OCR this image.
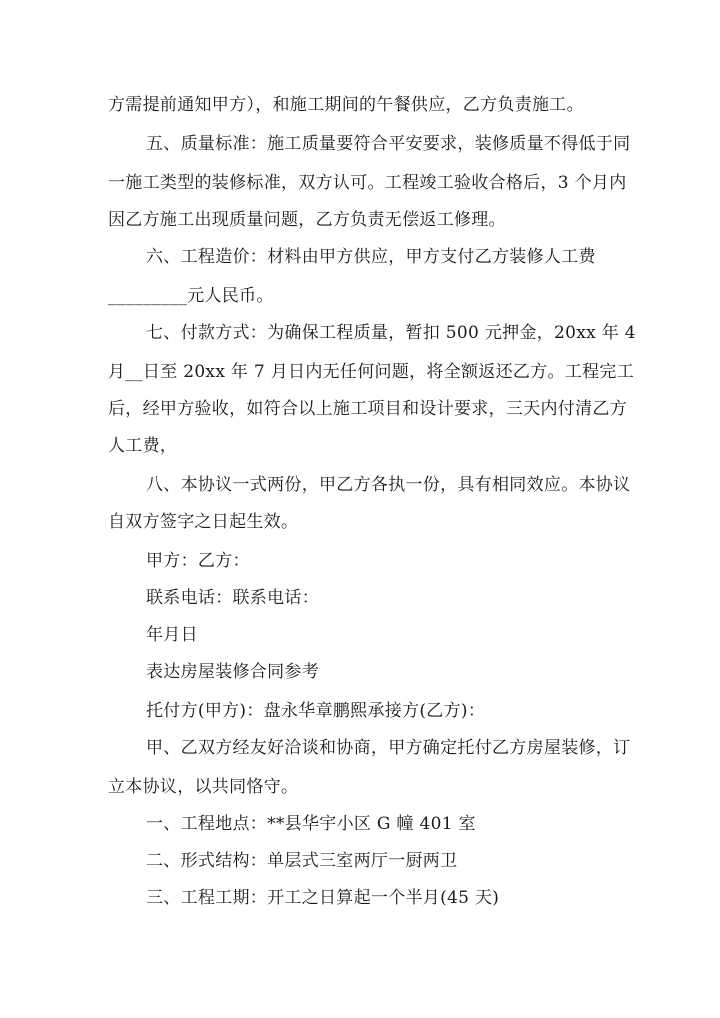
方需提前通知甲方），和施工期间的午餐供应，乙方负责施工。
五、质量标准：施工质量要符合平安要求，装修质量不得低于同
一施工类型的装修标准，双方认可。工程竣工验收合格后，3 个月内
因乙方施工出现质量问题，乙方负责无偿返工修理。
六、工程造价：材料由甲方供应，甲方支付乙方装修人工费
_________元人民币。
七、付款方式：为确保工程质量，暂扣 500 元押金，20xx 年 4
月__日至 20xx 年 7 月日内无任何问题，将全额返还乙方。工程完工
后，经甲方验收，如符合以上施工项目和设计要求，三天内付清乙方
人工费，
八、本协议一式两份，甲乙方各执一份，具有相同效应。本协议
自双方签字之日起生效。
甲方：乙方：
联系电话：联系电话：
年月日
表达房屋装修合同参考
托付方(甲方)：盘永华章鹏熙承接方(乙方)：
甲、乙双方经友好洽谈和协商，甲方确定托付乙方房屋装修，订
立本协议，以共同恪守。
一、工程地点：**县华宇小区 G 幢 401 室
二、形式结构：单层式三室两厅一厨两卫
三、工程工期：开工之日算起一个半月(45 天)
